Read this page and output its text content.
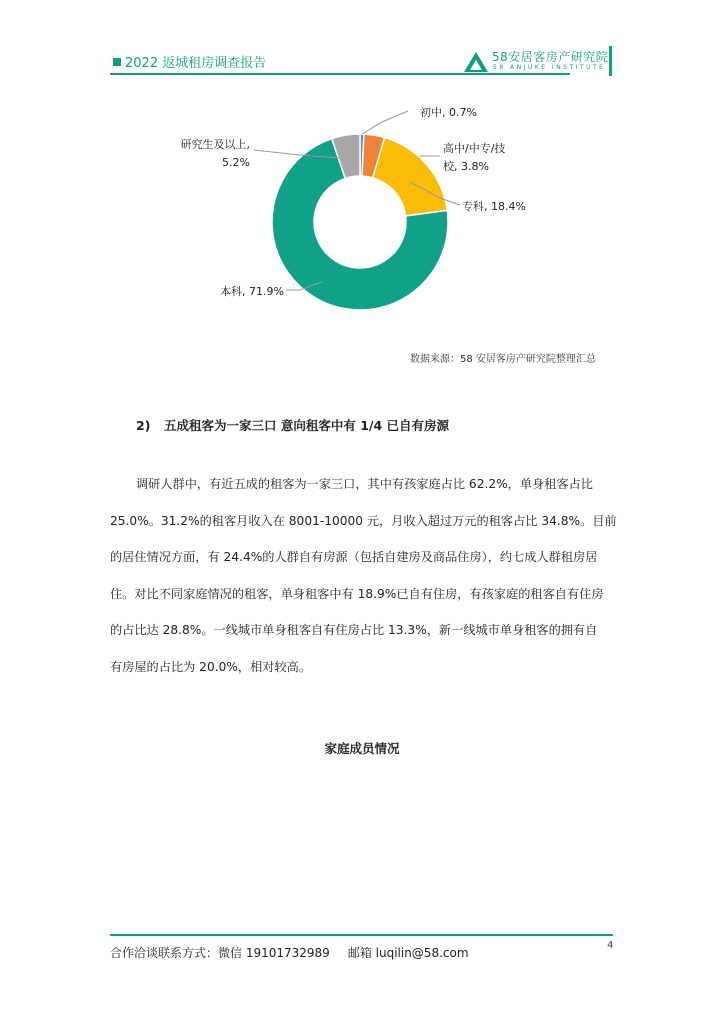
2022 返城租房调查报告	58安居客房产研究院
58 ANJUKE INSTITUTE
初中, 0.7%
高中/中专/技校, 3.8%
专科, 18.4%
本科, 71.9%
研究生及以上, 5.2%
数据来源：58 安居客房产研究院整理汇总
2) 五成租客为一家三口 意向租客中有 1/4 已自有房源
调研人群中，有近五成的租客为一家三口，其中有孩家庭占比 62.2%，单身租客占比
25.0%。31.2%的租客月收入在 8001-10000 元，月收入超过万元的租客占比 34.8%。目前
的居住情况方面，有 24.4%的人群自有房源（包括自建房及商品住房），约七成人群租房居
住。对比不同家庭情况的租客，单身租客中有 18.9%已自有住房，有孩家庭的租客自有住房
的占比达 28.8%。一线城市单身租客自有住房占比 13.3%，新一线城市单身租客的拥有自
有房屋的占比为 20.0%，相对较高。
家庭成员情况
合作洽谈联系方式：微信 19101732989 邮箱 luqilin@58.com
4
